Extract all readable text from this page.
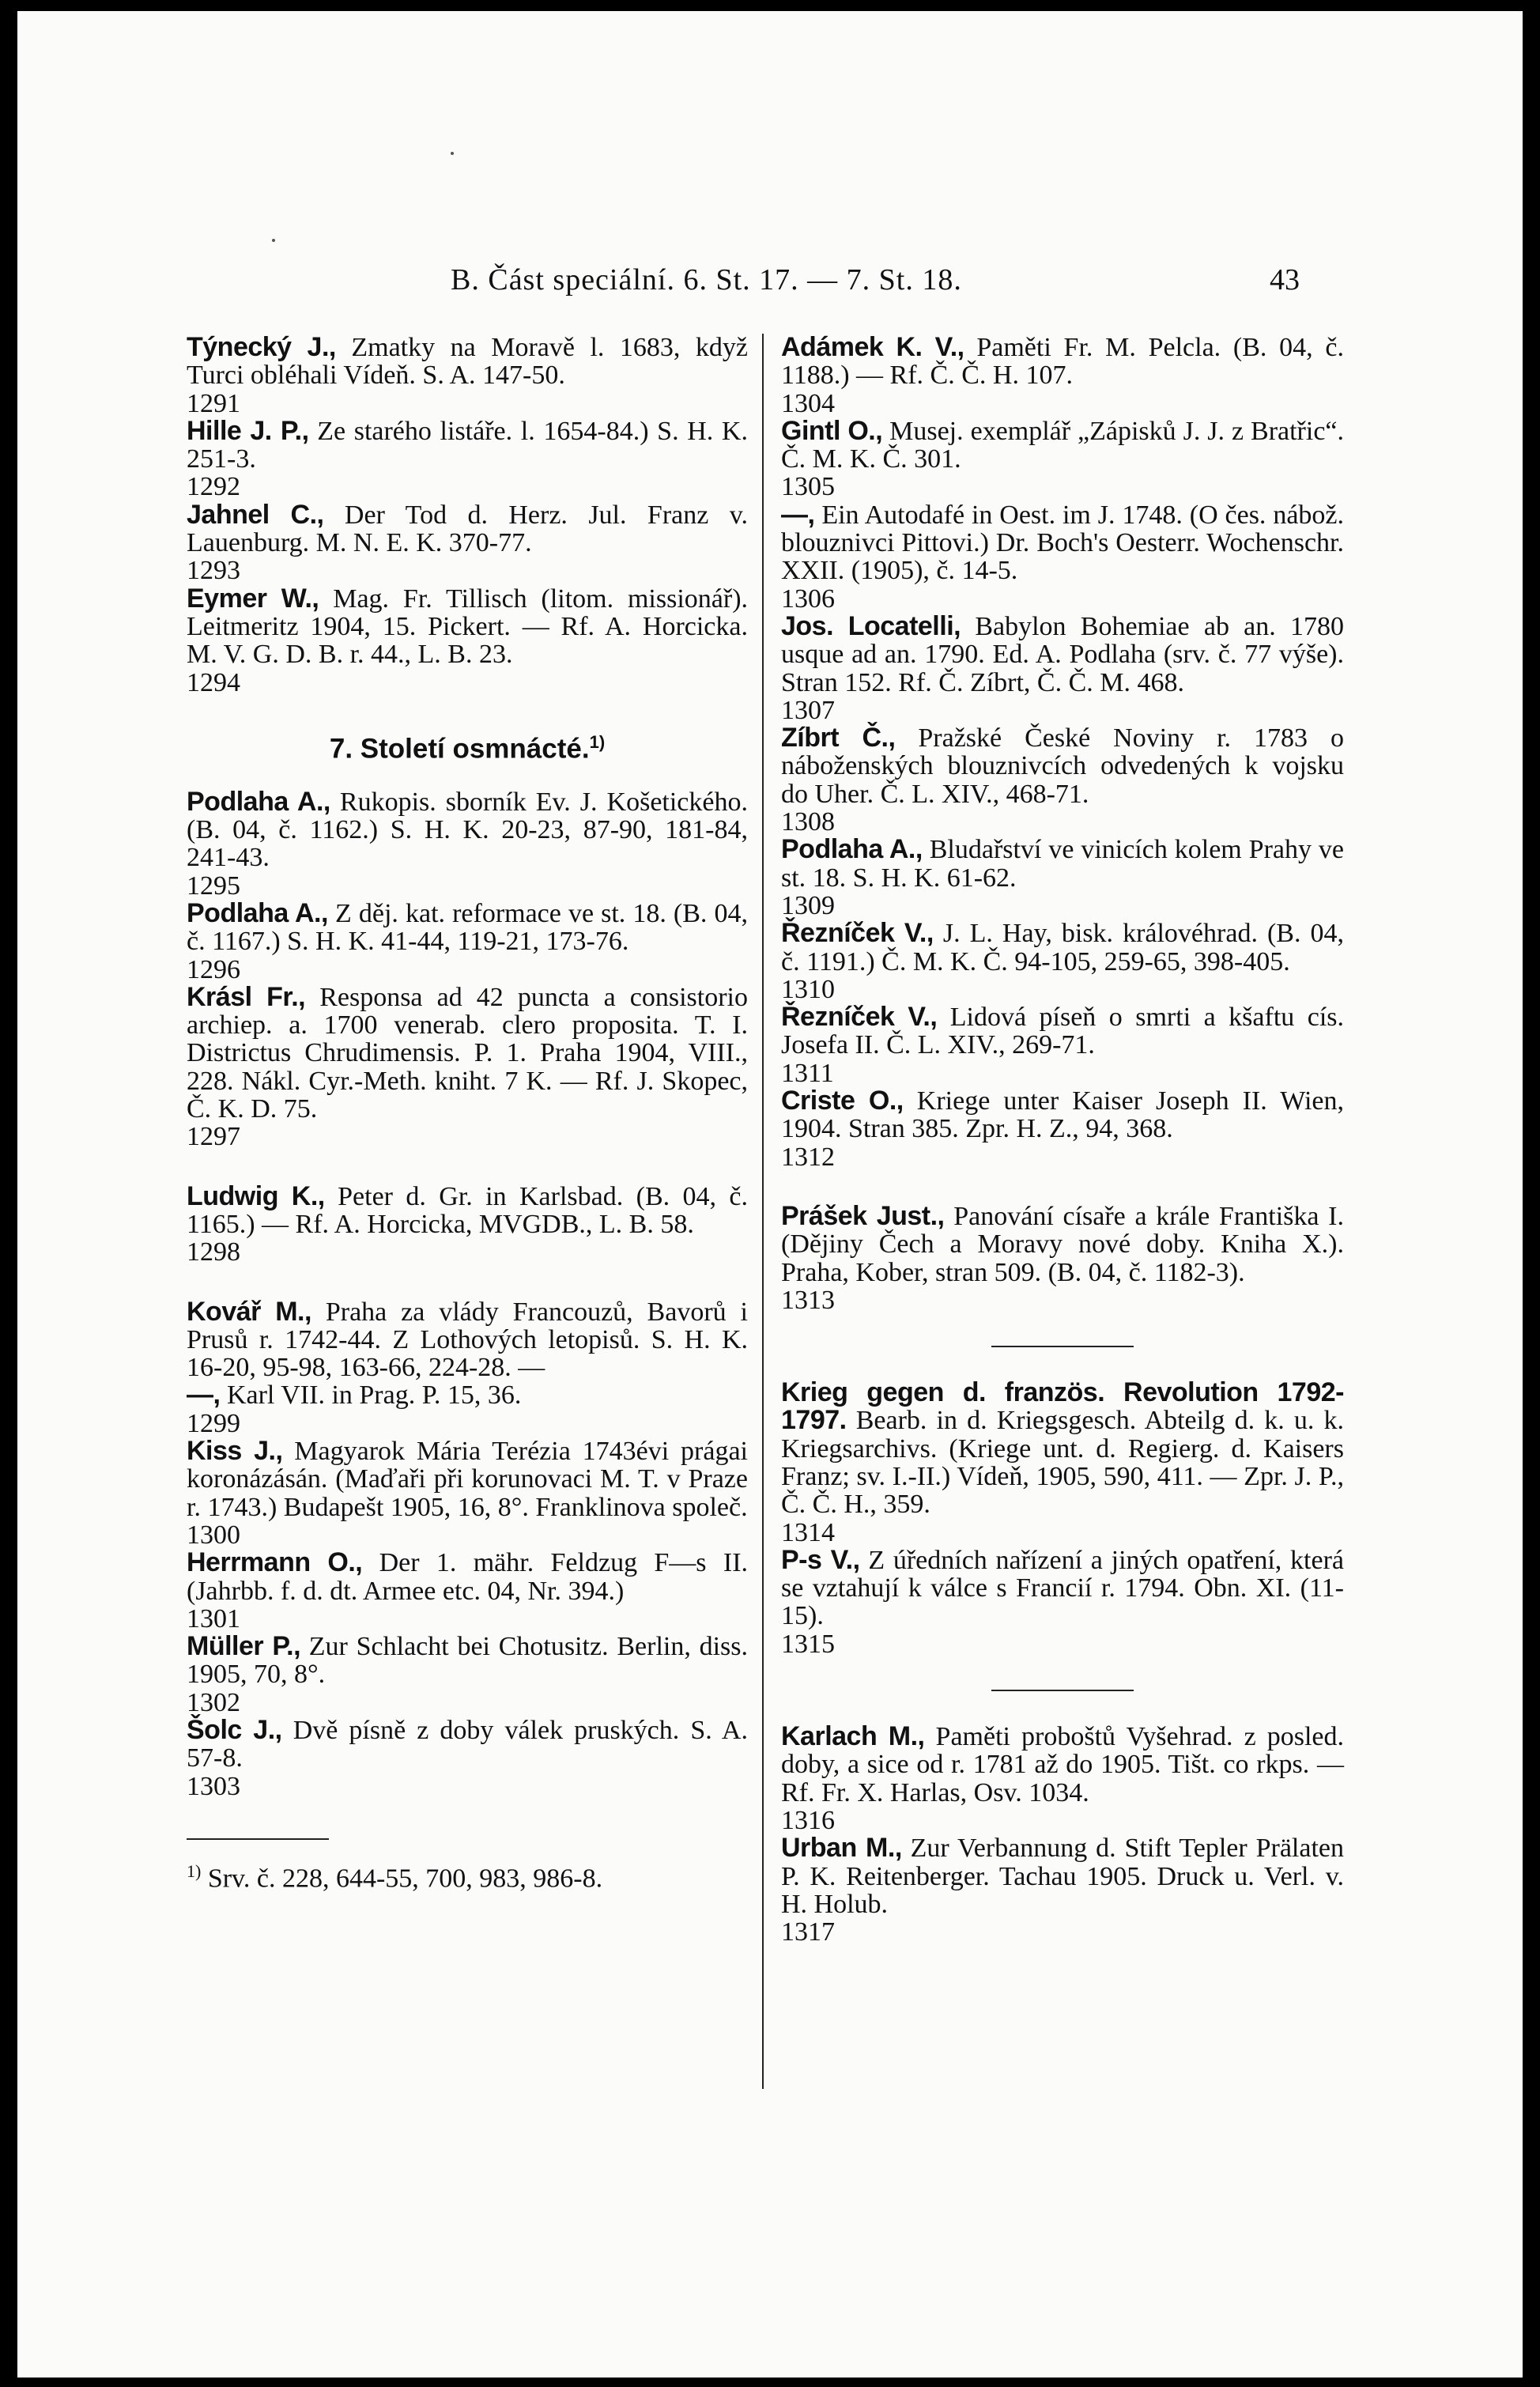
B. Část speciální. 6. St. 17. — 7. St. 18.	43

Týnecký J., Zmatky na Moravě l. 1683, když Turci obléhali Vídeň. S. A. 147-50.

1291

Hille J. P., Ze starého listáře. l. 1654-84.) S. H. K. 251-3.

1292

Jahnel C., Der Tod d. Herz. Jul. Franz v. Lauenburg. M. N. E. K. 370-77.

1293

Eymer W., Mag. Fr. Tillisch (litom. missionář). Leitmeritz 1904, 15. Pickert. — Rf. A. Horcicka. M. V. G. D. B. r. 44., L. B. 23.

1294
7. Století osmnácté.$^{1)}$

Podlaha A., Rukopis. sborník Ev. J. Košetického. (B. 04, č. 1162.) S. H. K. 20-23, 87-90, 181-84, 241-43.

1295

Podlaha A., Z děj. kat. reformace ve st. 18. (B. 04, č. 1167.) S. H. K. 41-44, 119-21, 173-76.

1296

Krásl Fr., Responsa ad 42 puncta a consistorio archiep. a. 1700 venerab. clero proposita. T. I. Districtus Chrudimensis. P. 1. Praha 1904, VIII., 228. Nákl. Cyr.-Meth. kniht. 7 K. — Rf. J. Skopec, Č. K. D. 75.

1297

Ludwig K., Peter d. Gr. in Karlsbad. (B. 04, č. 1165.) — Rf. A. Horcicka, MVGDB., L. B. 58.

1298

Kovář M., Praha za vlády Francouzů, Bavorů i Prusů r. 1742-44. Z Lothových letopisů. S. H. K. 16-20, 95-98, 163-66, 224-28. —

—, Karl VII. in Prag. P. 15, 36.

1299

Kiss J., Magyarok Mária Terézia 1743évi prágai koronázásán. (Maďaři při korunovaci M. T. v Praze r. 1743.) Budapešt 1905, 16, 8°. Franklinova společ.

1300

Herrmann O., Der 1. mähr. Feldzug F—s II. (Jahrbb. f. d. dt. Armee etc. 04, Nr. 394.)

1301

Müller P., Zur Schlacht bei Chotusitz. Berlin, diss. 1905, 70, 8°.

1302

Šolc J., Dvě písně z doby válek pruských. S. A. 57-8.

1303
$^{1)}$ Srv. č. 228, 644-55, 700, 983, 986-8.

Adámek K. V., Paměti Fr. M. Pelcla. (B. 04, č. 1188.) — Rf. Č. Č. H. 107.

1304

Gintl O., Musej. exemplář „Zápisků J. J. z Bratřic“. Č. M. K. Č. 301.

1305

—, Ein Autodafé in Oest. im J. 1748. (O čes. nábož. blouznivci Pittovi.) Dr. Boch's Oesterr. Wochenschr. XXII. (1905), č. 14-5.

1306

Jos. Locatelli, Babylon Bohemiae ab an. 1780 usque ad an. 1790. Ed. A. Podlaha (srv. č. 77 výše). Stran 152. Rf. Č. Zíbrt, Č. Č. M. 468.

1307

Zíbrt Č., Pražské České Noviny r. 1783 o náboženských blouznivcích odvedených k vojsku do Uher. Č. L. XIV., 468-71.

1308

Podlaha A., Bludařství ve vinicích kolem Prahy ve st. 18. S. H. K. 61-62.

1309

Řezníček V., J. L. Hay, bisk. královéhrad. (B. 04, č. 1191.) Č. M. K. Č. 94-105, 259-65, 398-405.

1310

Řezníček V., Lidová píseň o smrti a kšaftu cís. Josefa II. Č. L. XIV., 269-71.

1311

Criste O., Kriege unter Kaiser Joseph II. Wien, 1904. Stran 385. Zpr. H. Z., 94, 368.

1312

Prášek Just., Panování císaře a krále Františka I. (Dějiny Čech a Moravy nové doby. Kniha X.). Praha, Kober, stran 509. (B. 04, č. 1182-3).

1313

Krieg gegen d. französ. Revolution 1792-1797. Bearb. in d. Kriegsgesch. Abteilg d. k. u. k. Kriegsarchivs. (Kriege unt. d. Regierg. d. Kaisers Franz; sv. I.-II.) Vídeň, 1905, 590, 411. — Zpr. J. P., Č. Č. H., 359.

1314

P-s V., Z úředních nařízení a jiných opatření, která se vztahují k válce s Francií r. 1794. Obn. XI. (11-15).

1315

Karlach M., Paměti proboštů Vyšehrad. z posled. doby, a sice od r. 1781 až do 1905. Tišt. co rkps. — Rf. Fr. X. Harlas, Osv. 1034.

1316

Urban M., Zur Verbannung d. Stift Tepler Prälaten P. K. Reitenberger. Tachau 1905. Druck u. Verl. v. H. Holub.

1317
